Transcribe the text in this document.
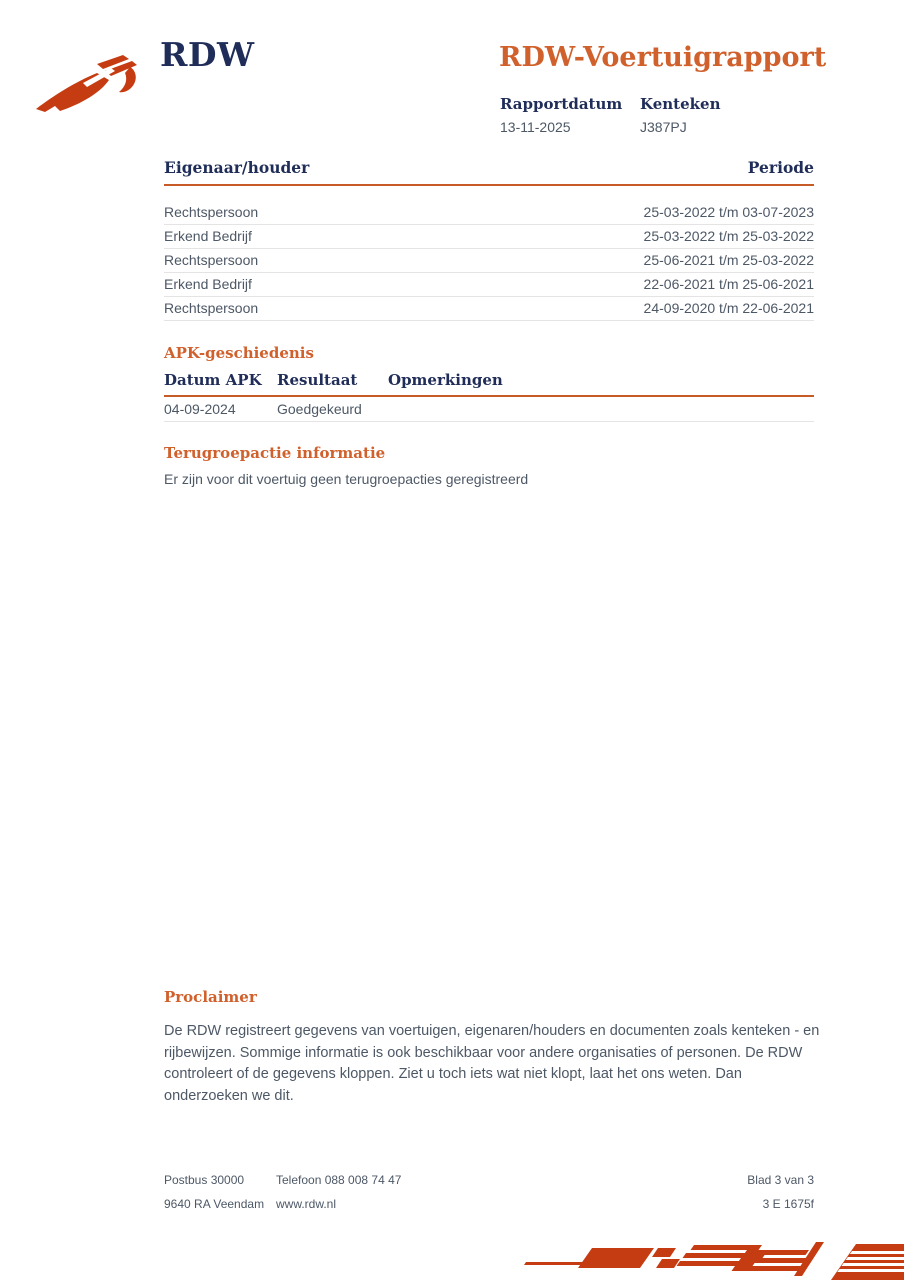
RDW	RDW-Voertuigrapport
Rapportdatum
13-11-2025
Kenteken
J387PJ
Eigenaar/houder	Periode
Rechtspersoon	25-03-2022 t/m 03-07-2023
Erkend Bedrijf	25-03-2022 t/m 25-03-2022
Rechtspersoon	25-06-2021 t/m 25-03-2022
Erkend Bedrijf	22-06-2021 t/m 25-06-2021
Rechtspersoon	24-09-2020 t/m 22-06-2021
APK-geschiedenis
Datum APK	Resultaat	Opmerkingen
04-09-2024	Goedgekeurd
Terugroepactie informatie
Er zijn voor dit voertuig geen terugroepacties geregistreerd
Proclaimer
De RDW registreert gegevens van voertuigen, eigenaren/houders en documenten zoals kenteken - en rijbewijzen. Sommige informatie is ook beschikbaar voor andere organisaties of personen. De RDW controleert of de gegevens kloppen. Ziet u toch iets wat niet klopt, laat het ons weten. Dan onderzoeken we dit.
Postbus 30000
9640 RA Veendam
Telefoon 088 008 74 47
www.rdw.nl
Blad 3 van 3
3 E 1675f
